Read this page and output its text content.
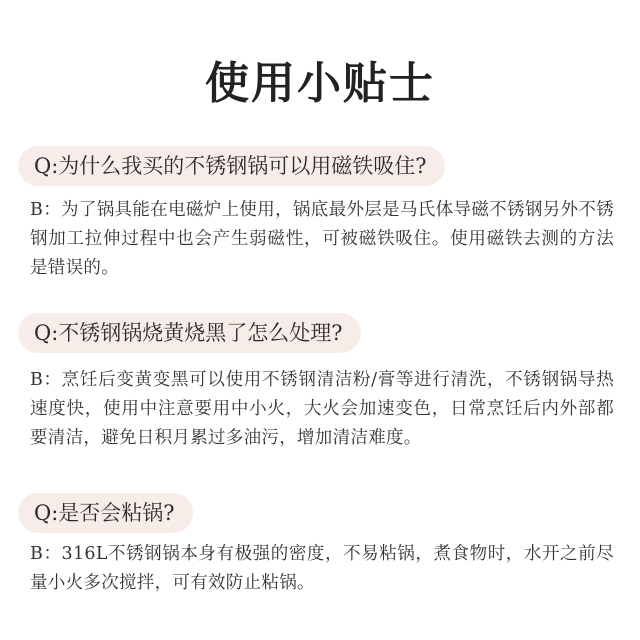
使用小贴士
Q:为什么我买的不锈钢锅可以用磁铁吸住?
B：为了锅具能在电磁炉上使用，锅底最外层是马氏体导磁不锈钢另外不锈钢加工拉伸过程中也会产生弱磁性，可被磁铁吸住。使用磁铁去测的方法是错误的。
Q:不锈钢锅烧黄烧黑了怎么处理?
B：烹饪后变黄变黑可以使用不锈钢清洁粉/膏等进行清洗，不锈钢锅导热速度快，使用中注意要用中小火，大火会加速变色，日常烹饪后内外部都要清洁，避免日积月累过多油污，增加清洁难度。
Q:是否会粘锅?
B：316L不锈钢锅本身有极强的密度，不易粘锅，煮食物时，水开之前尽量小火多次搅拌，可有效防止粘锅。
